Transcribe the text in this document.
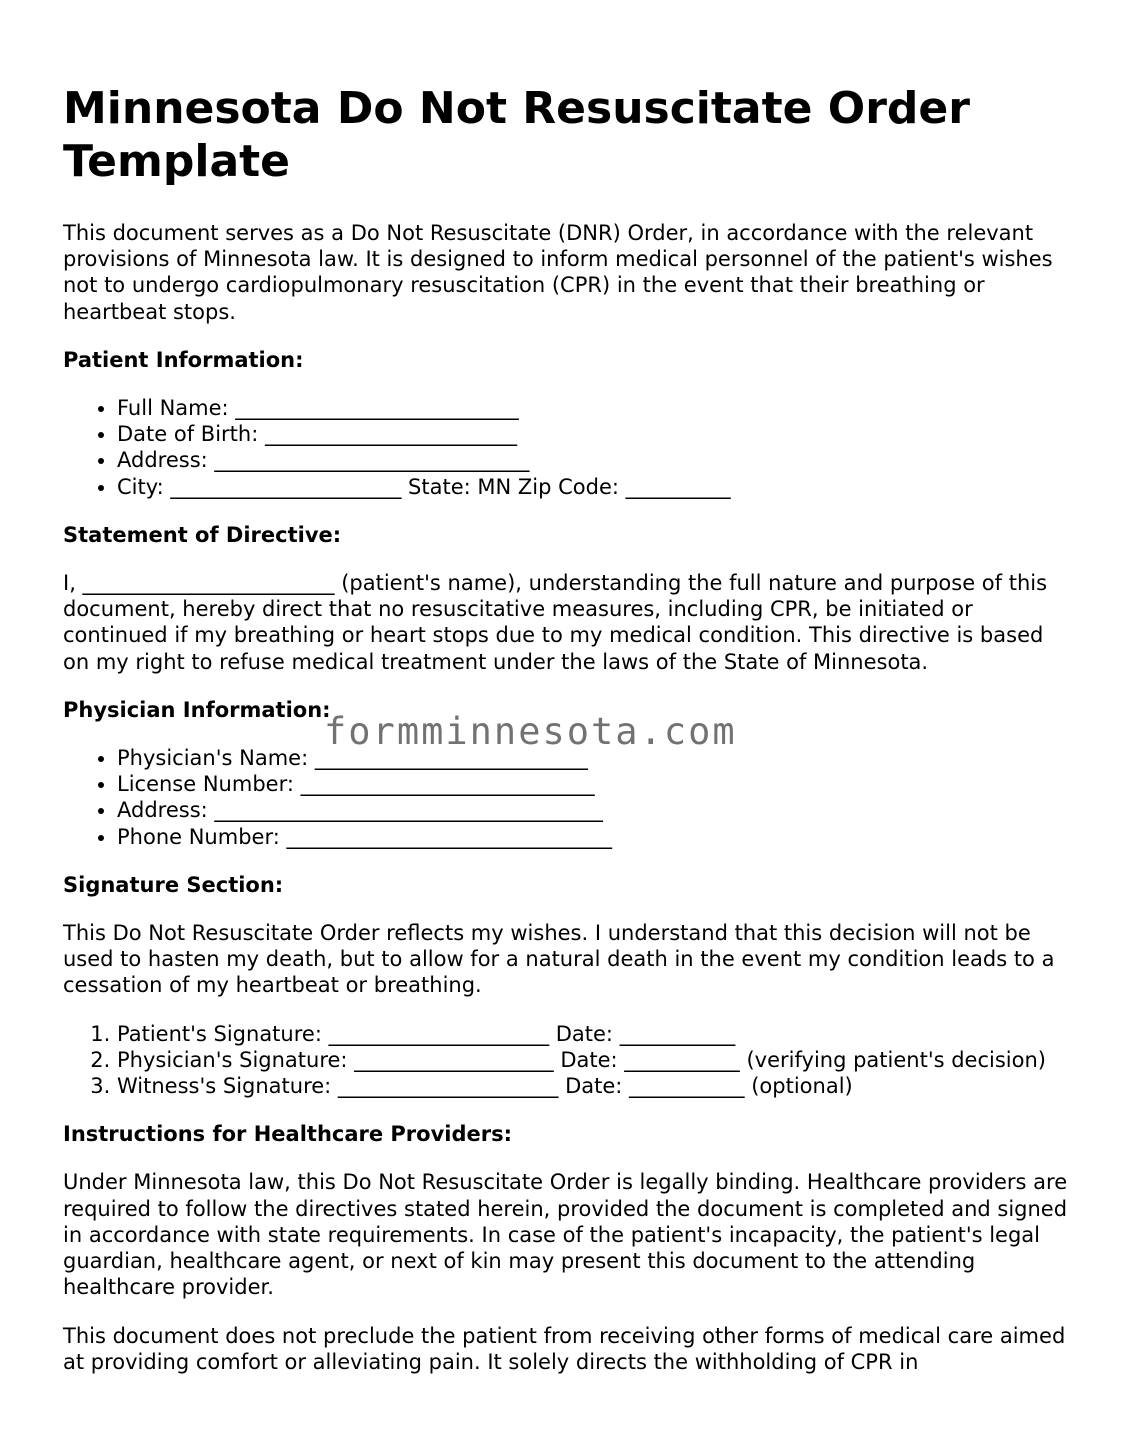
Minnesota Do Not Resuscitate Order Template

This document serves as a Do Not Resuscitate (DNR) Order, in accordance with the relevant provisions of Minnesota law. It is designed to inform medical personnel of the patient's wishes not to undergo cardiopulmonary resuscitation (CPR) in the event that their breathing or heartbeat stops.

Patient Information:
• Full Name: ___________________________
• Date of Birth: ________________________
• Address: ______________________________
• City: ______________________ State: MN Zip Code: __________
Statement of Directive:

I, ________________________ (patient's name), understanding the full nature and purpose of this document, hereby direct that no resuscitative measures, including CPR, be initiated or continued if my breathing or heart stops due to my medical condition. This directive is based on my right to refuse medical treatment under the laws of the State of Minnesota.

Physician Information:
• Physician's Name: __________________________
• License Number: ____________________________
• Address: _____________________________________
• Phone Number: _______________________________
Signature Section:

This Do Not Resuscitate Order reflects my wishes. I understand that this decision will not be used to hasten my death, but to allow for a natural death in the event my condition leads to a cessation of my heartbeat or breathing.

1. Patient's Signature: _____________________ Date: ___________
2. Physician's Signature: ___________________ Date: ___________ (verifying patient's decision)
3. Witness's Signature: _____________________ Date: ___________ (optional)
Instructions for Healthcare Providers:

Under Minnesota law, this Do Not Resuscitate Order is legally binding. Healthcare providers are required to follow the directives stated herein, provided the document is completed and signed in accordance with state requirements. In case of the patient's incapacity, the patient's legal guardian, healthcare agent, or next of kin may present this document to the attending healthcare provider.

This document does not preclude the patient from receiving other forms of medical care aimed at providing comfort or alleviating pain. It solely directs the withholding of CPR in

formminnesota.com
